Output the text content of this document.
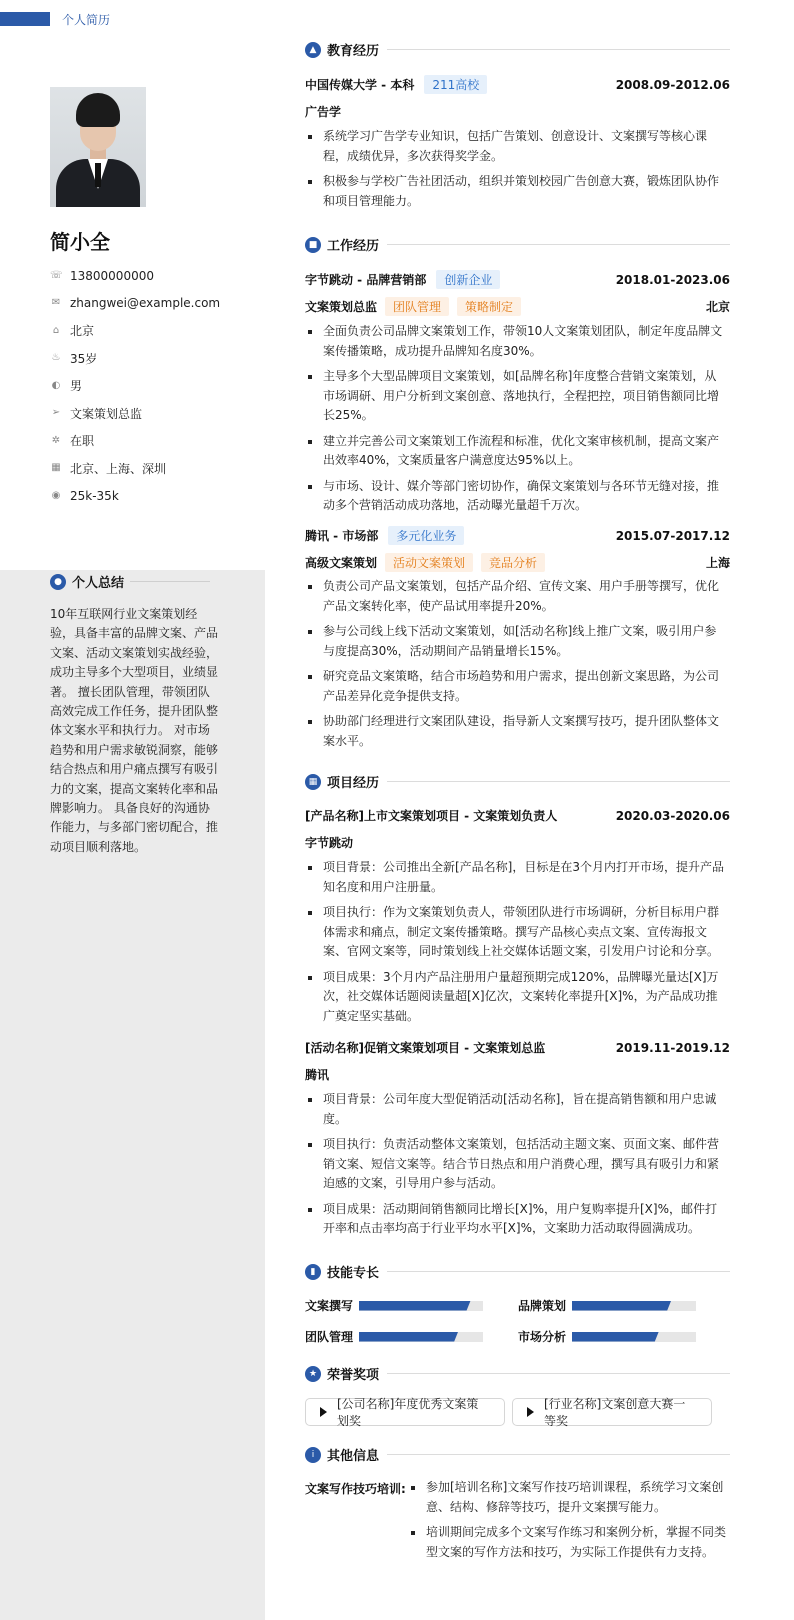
个人简历
简小全
☏ 13800000000
✉ zhangwei@example.com
⌂ 北京
♨ 35岁
◐ 男
➢ 文案策划总监
✲ 在职
▦ 北京、上海、深圳
◉ 25k-35k
● 个人总结
10年互联网行业文案策划经验，具备丰富的品牌文案、产品文案、活动文案策划实战经验，成功主导多个大型项目，业绩显著。 擅长团队管理，带领团队高效完成工作任务，提升团队整体文案水平和执行力。 对市场趋势和用户需求敏锐洞察，能够结合热点和用户痛点撰写有吸引力的文案，提高文案转化率和品牌影响力。 具备良好的沟通协作能力，与多部门密切配合，推动项目顺利落地。
▲ 教育经历
中国传媒大学 - 本科	211高校	2008.09-2012.06
广告学
系统学习广告学专业知识，包括广告策划、创意设计、文案撰写等核心课程，成绩优异，多次获得奖学金。
积极参与学校广告社团活动，组织并策划校园广告创意大赛，锻炼团队协作和项目管理能力。
■ 工作经历
字节跳动 - 品牌营销部	创新企业	2018.01-2023.06
文案策划总监	团队管理	策略制定	北京
全面负责公司品牌文案策划工作，带领10人文案策划团队，制定年度品牌文案传播策略，成功提升品牌知名度30%。
主导多个大型品牌项目文案策划，如[品牌名称]年度整合营销文案策划，从市场调研、用户分析到文案创意、落地执行，全程把控，项目销售额同比增长25%。
建立并完善公司文案策划工作流程和标准，优化文案审核机制，提高文案产出效率40%，文案质量客户满意度达95%以上。
与市场、设计、媒介等部门密切协作，确保文案策划与各环节无缝对接，推动多个营销活动成功落地，活动曝光量超千万次。
腾讯 - 市场部	多元化业务	2015.07-2017.12
高级文案策划	活动文案策划	竞品分析	上海
负责公司产品文案策划，包括产品介绍、宣传文案、用户手册等撰写，优化产品文案转化率，使产品试用率提升20%。
参与公司线上线下活动文案策划，如[活动名称]线上推广文案，吸引用户参与度提高30%，活动期间产品销量增长15%。
研究竞品文案策略，结合市场趋势和用户需求，提出创新文案思路，为公司产品差异化竞争提供支持。
协助部门经理进行文案团队建设，指导新人文案撰写技巧，提升团队整体文案水平。
▦ 项目经历
[产品名称]上市文案策划项目 - 文案策划负责人	2020.03-2020.06
字节跳动
项目背景：公司推出全新[产品名称]，目标是在3个月内打开市场，提升产品知名度和用户注册量。
项目执行：作为文案策划负责人，带领团队进行市场调研，分析目标用户群体需求和痛点，制定文案传播策略。撰写产品核心卖点文案、宣传海报文案、官网文案等，同时策划线上社交媒体话题文案，引发用户讨论和分享。
项目成果：3个月内产品注册用户量超预期完成120%，品牌曝光量达[X]万次，社交媒体话题阅读量超[X]亿次，文案转化率提升[X]%，为产品成功推广奠定坚实基础。
[活动名称]促销文案策划项目 - 文案策划总监	2019.11-2019.12
腾讯
项目背景：公司年度大型促销活动[活动名称]，旨在提高销售额和用户忠诚度。
项目执行：负责活动整体文案策划，包括活动主题文案、页面文案、邮件营销文案、短信文案等。结合节日热点和用户消费心理，撰写具有吸引力和紧迫感的文案，引导用户参与活动。
项目成果：活动期间销售额同比增长[X]%，用户复购率提升[X]%，邮件打开率和点击率均高于行业平均水平[X]%，文案助力活动取得圆满成功。
▮ 技能专长
文案撰写	品牌策划
团队管理	市场分析
★ 荣誉奖项
[公司名称]年度优秀文案策划奖
[行业名称]文案创意大赛一等奖
i 其他信息
文案写作技巧培训:	参加[培训名称]文案写作技巧培训课程，系统学习文案创意、结构、修辞等技巧，提升文案撰写能力。
培训期间完成多个文案写作练习和案例分析，掌握不同类型文案的写作方法和技巧，为实际工作提供有力支持。
